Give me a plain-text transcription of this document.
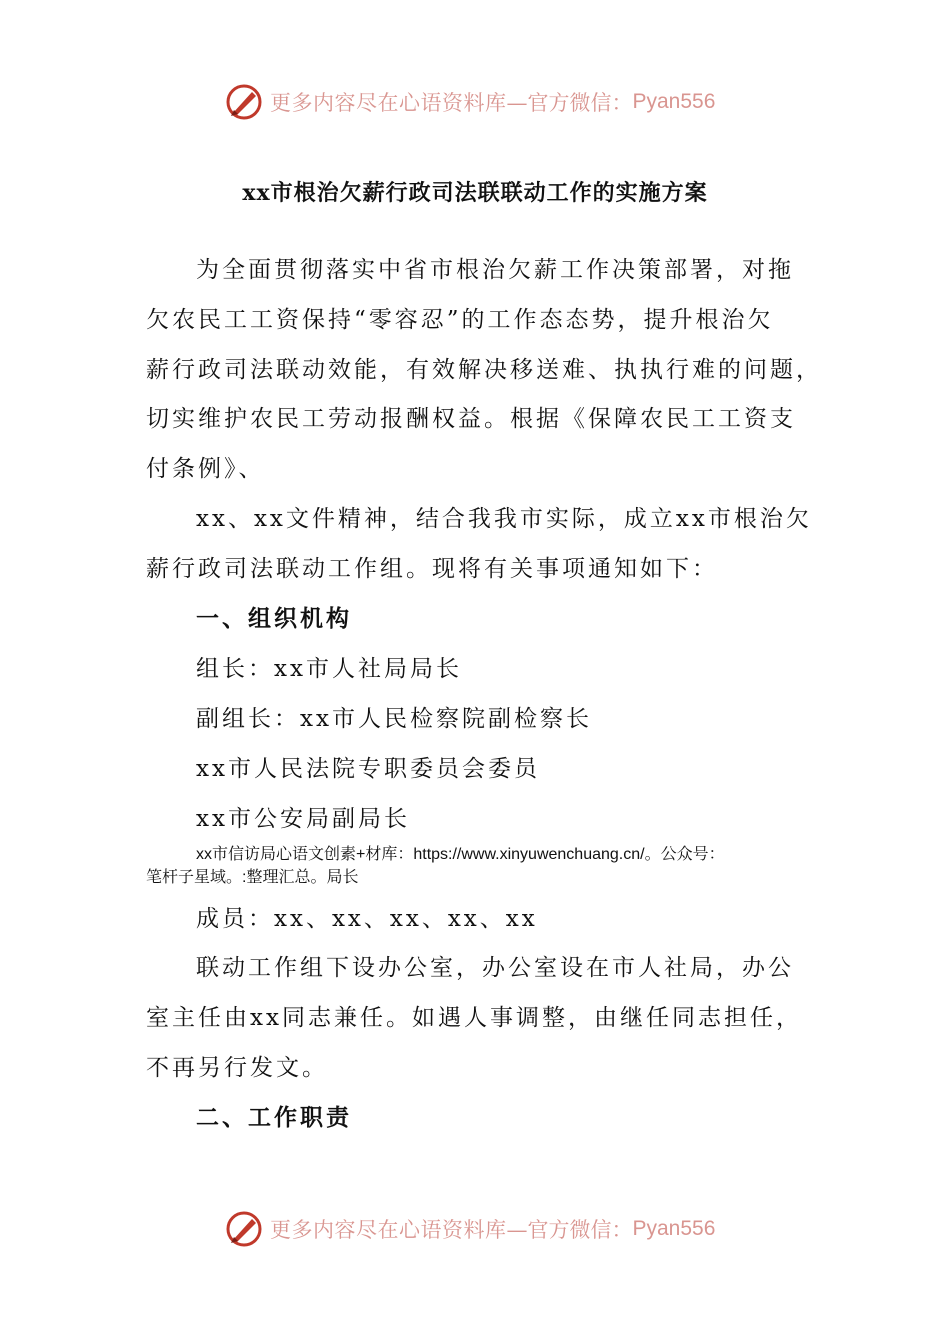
更多内容尽在心语资料库 —官方微信： Pyan556
xx市根治欠薪行政司法联联动工作的实施方案
为全面贯彻落实中省市根治欠薪工作决策部署，对拖
欠农民工工资保持“零容忍”的工作态态势，提升根治欠
薪行政司法联动效能，有效解决移送难、执执行难的问题，
切实维护农民工劳动报酬权益。根据《保障农民工工资支
付条例》、
xx、xx文件精神，结合我我市实际，成立xx市根治欠
薪行政司法联动工作组。现将有关事项通知如下：
一、组织机构
组长：xx市人社局局长
副组长：xx市人民检察院副检察长
xx市人民法院专职委员会委员
xx市公安局副局长
xx市信访局心语文创素+材库：https://www.xinyuwenchuang.cn/。公众号：
笔杆子星域。:整理汇总。局长
成员：xx、xx、xx、xx、xx
联动工作组下设办公室，办公室设在市人社局，办公
室主任由xx同志兼任。如遇人事调整，由继任同志担任，
不再另行发文。
二、工作职责
更多内容尽在心语资料库 —官方微信： Pyan556
